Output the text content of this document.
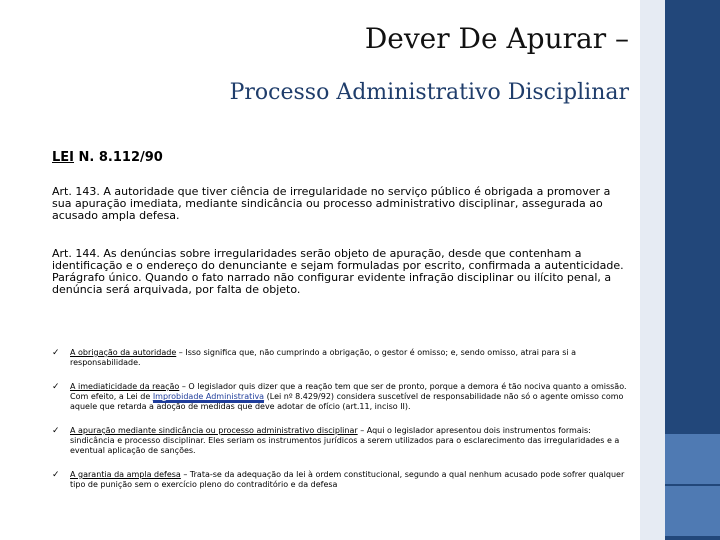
Dever De Apurar –
Processo Administrativo Disciplinar
LEI N. 8.112/90
Art. 143. A autoridade que tiver ciência de irregularidade no serviço público é obrigada a promover a sua apuração imediata, mediante sindicância ou processo administrativo disciplinar, assegurada ao acusado ampla defesa.
Art. 144. As denúncias sobre irregularidades serão objeto de apuração, desde que contenham a identificação e o endereço do denunciante e sejam formuladas por escrito, confirmada a autenticidade.
Parágrafo único. Quando o fato narrado não configurar evidente infração disciplinar ou ilícito penal, a denúncia será arquivada, por falta de objeto.
✓ A obrigação da autoridade – Isso significa que, não cumprindo a obrigação, o gestor é omisso; e, sendo omisso, atrai para si a responsabilidade.
✓ A imediaticidade da reação – O legislador quis dizer que a reação tem que ser de pronto, porque a demora é tão nociva quanto a omissão. Com efeito, a Lei de Improbidade Administrativa (Lei nº 8.429/92) considera suscetível de responsabilidade não só o agente omisso como aquele que retarda a adoção de medidas que deve adotar de ofício (art.11, inciso II).
✓ A apuração mediante sindicância ou processo administrativo disciplinar – Aqui o legislador apresentou dois instrumentos formais: sindicância e processo disciplinar. Eles seriam os instrumentos jurídicos a serem utilizados para o esclarecimento das irregularidades e a eventual aplicação de sanções.
✓ A garantia da ampla defesa – Trata-se da adequação da lei à ordem constitucional, segundo a qual nenhum acusado pode sofrer qualquer tipo de punição sem o exercício pleno do contraditório e da defesa
